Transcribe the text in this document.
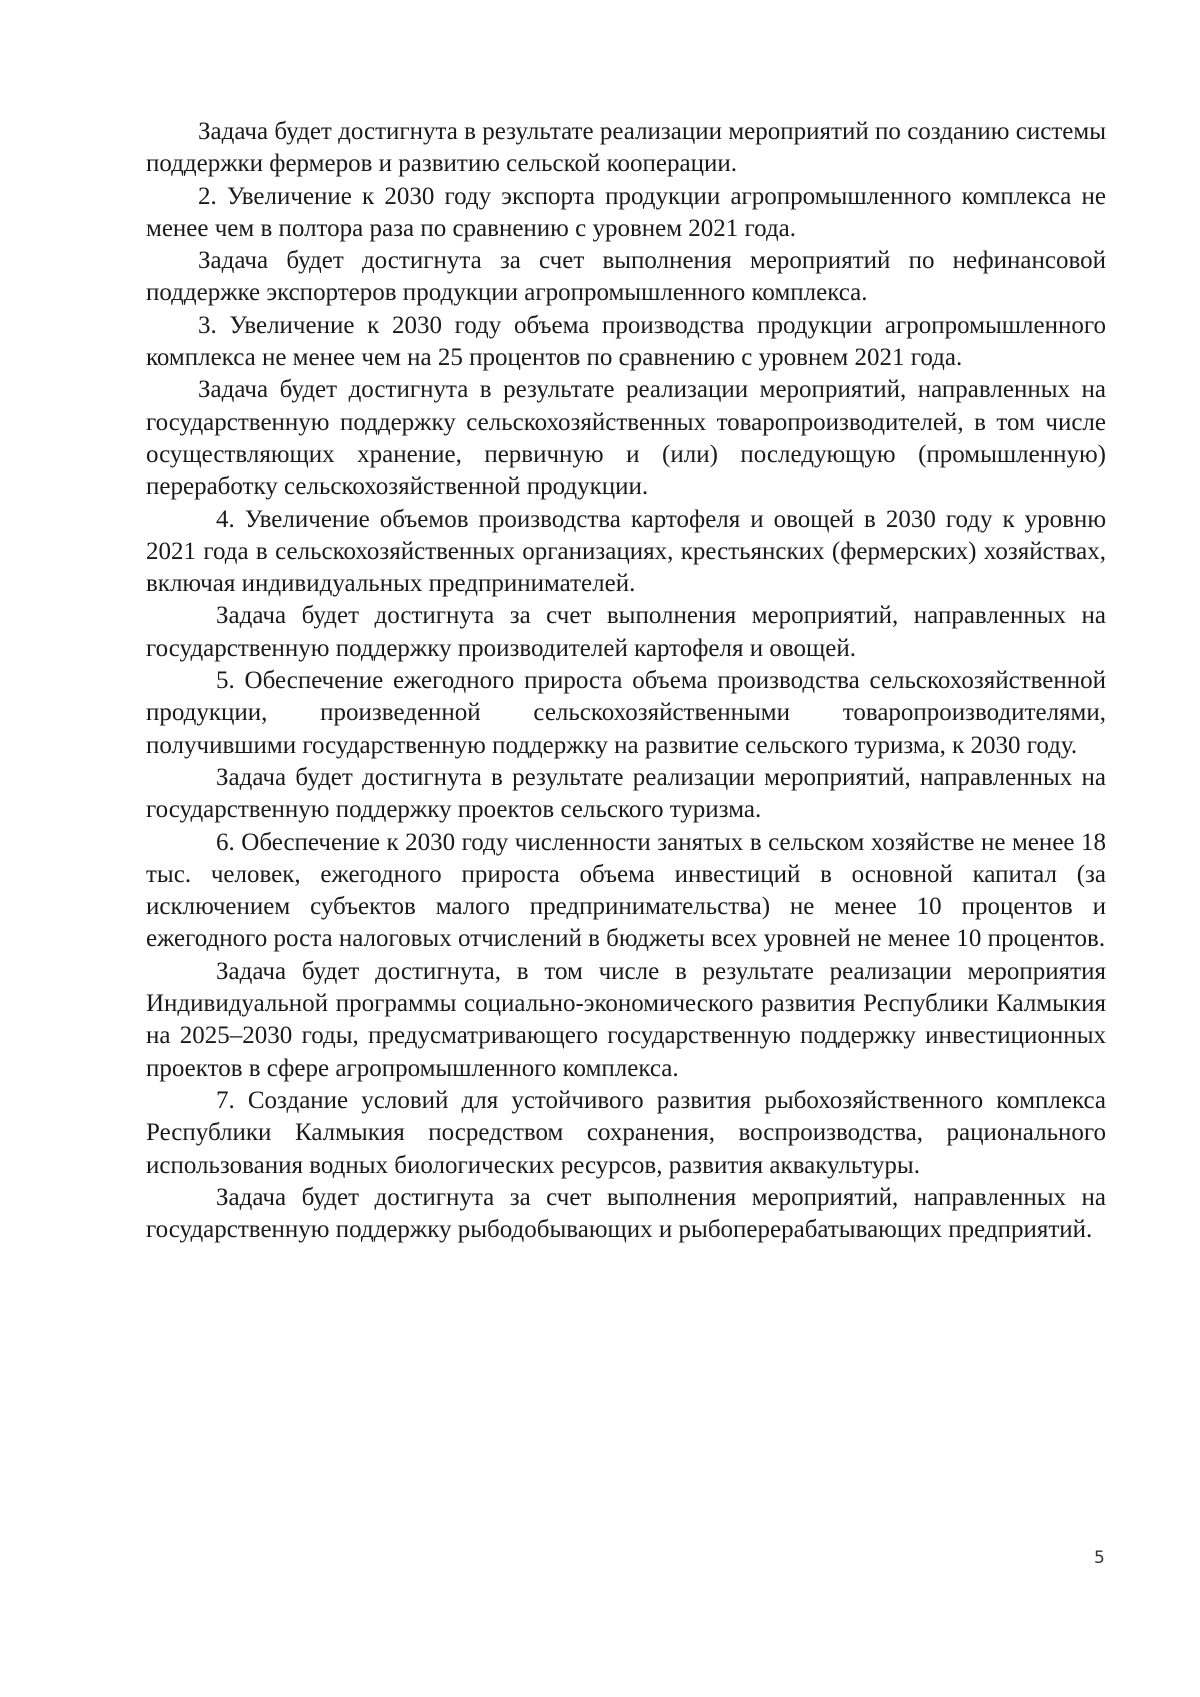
Задача будет достигнута в результате реализации мероприятий по созданию системы поддержки фермеров и развитию сельской кооперации.

2. Увеличение к 2030 году экспорта продукции агропромышленного комплекса не менее чем в полтора раза по сравнению с уровнем 2021 года.

Задача будет достигнута за счет выполнения мероприятий по нефинансовой поддержке экспортеров продукции агропромышленного комплекса.

3. Увеличение к 2030 году объема производства продукции агропромышленного комплекса не менее чем на 25 процентов по сравнению с уровнем 2021 года.

Задача будет достигнута в результате реализации мероприятий, направленных на государственную поддержку сельскохозяйственных товаропроизводителей, в том числе осуществляющих хранение, первичную и (или) последующую (промышленную) переработку сельскохозяйственной продукции.

4. Увеличение объемов производства картофеля и овощей в 2030 году к уровню 2021 года в сельскохозяйственных организациях, крестьянских (фермерских) хозяйствах, включая индивидуальных предпринимателей.

Задача будет достигнута за счет выполнения мероприятий, направленных на государственную поддержку производителей картофеля и овощей.

5. Обеспечение ежегодного прироста объема производства сельскохозяйственной продукции, произведенной сельскохозяйственными товаропроизводителями, получившими государственную поддержку на развитие сельского туризма, к 2030 году.

Задача будет достигнута в результате реализации мероприятий, направленных на государственную поддержку проектов сельского туризма.

6. Обеспечение к 2030 году численности занятых в сельском хозяйстве не менее 18 тыс. человек, ежегодного прироста объема инвестиций в основной капитал (за исключением субъектов малого предпринимательства) не менее 10 процентов и ежегодного роста налоговых отчислений в бюджеты всех уровней не менее 10 процентов.

Задача будет достигнута, в том числе в результате реализации мероприятия Индивидуальной программы социально-экономического развития Республики Калмыкия на 2025–2030 годы, предусматривающего государственную поддержку инвестиционных проектов в сфере агропромышленного комплекса.

7. Создание условий для устойчивого развития рыбохозяйственного комплекса Республики Калмыкия посредством сохранения, воспроизводства, рационального использования водных биологических ресурсов, развития аквакультуры.

Задача будет достигнута за счет выполнения мероприятий, направленных на государственную поддержку рыбодобывающих и рыбоперерабатывающих предприятий.

5
